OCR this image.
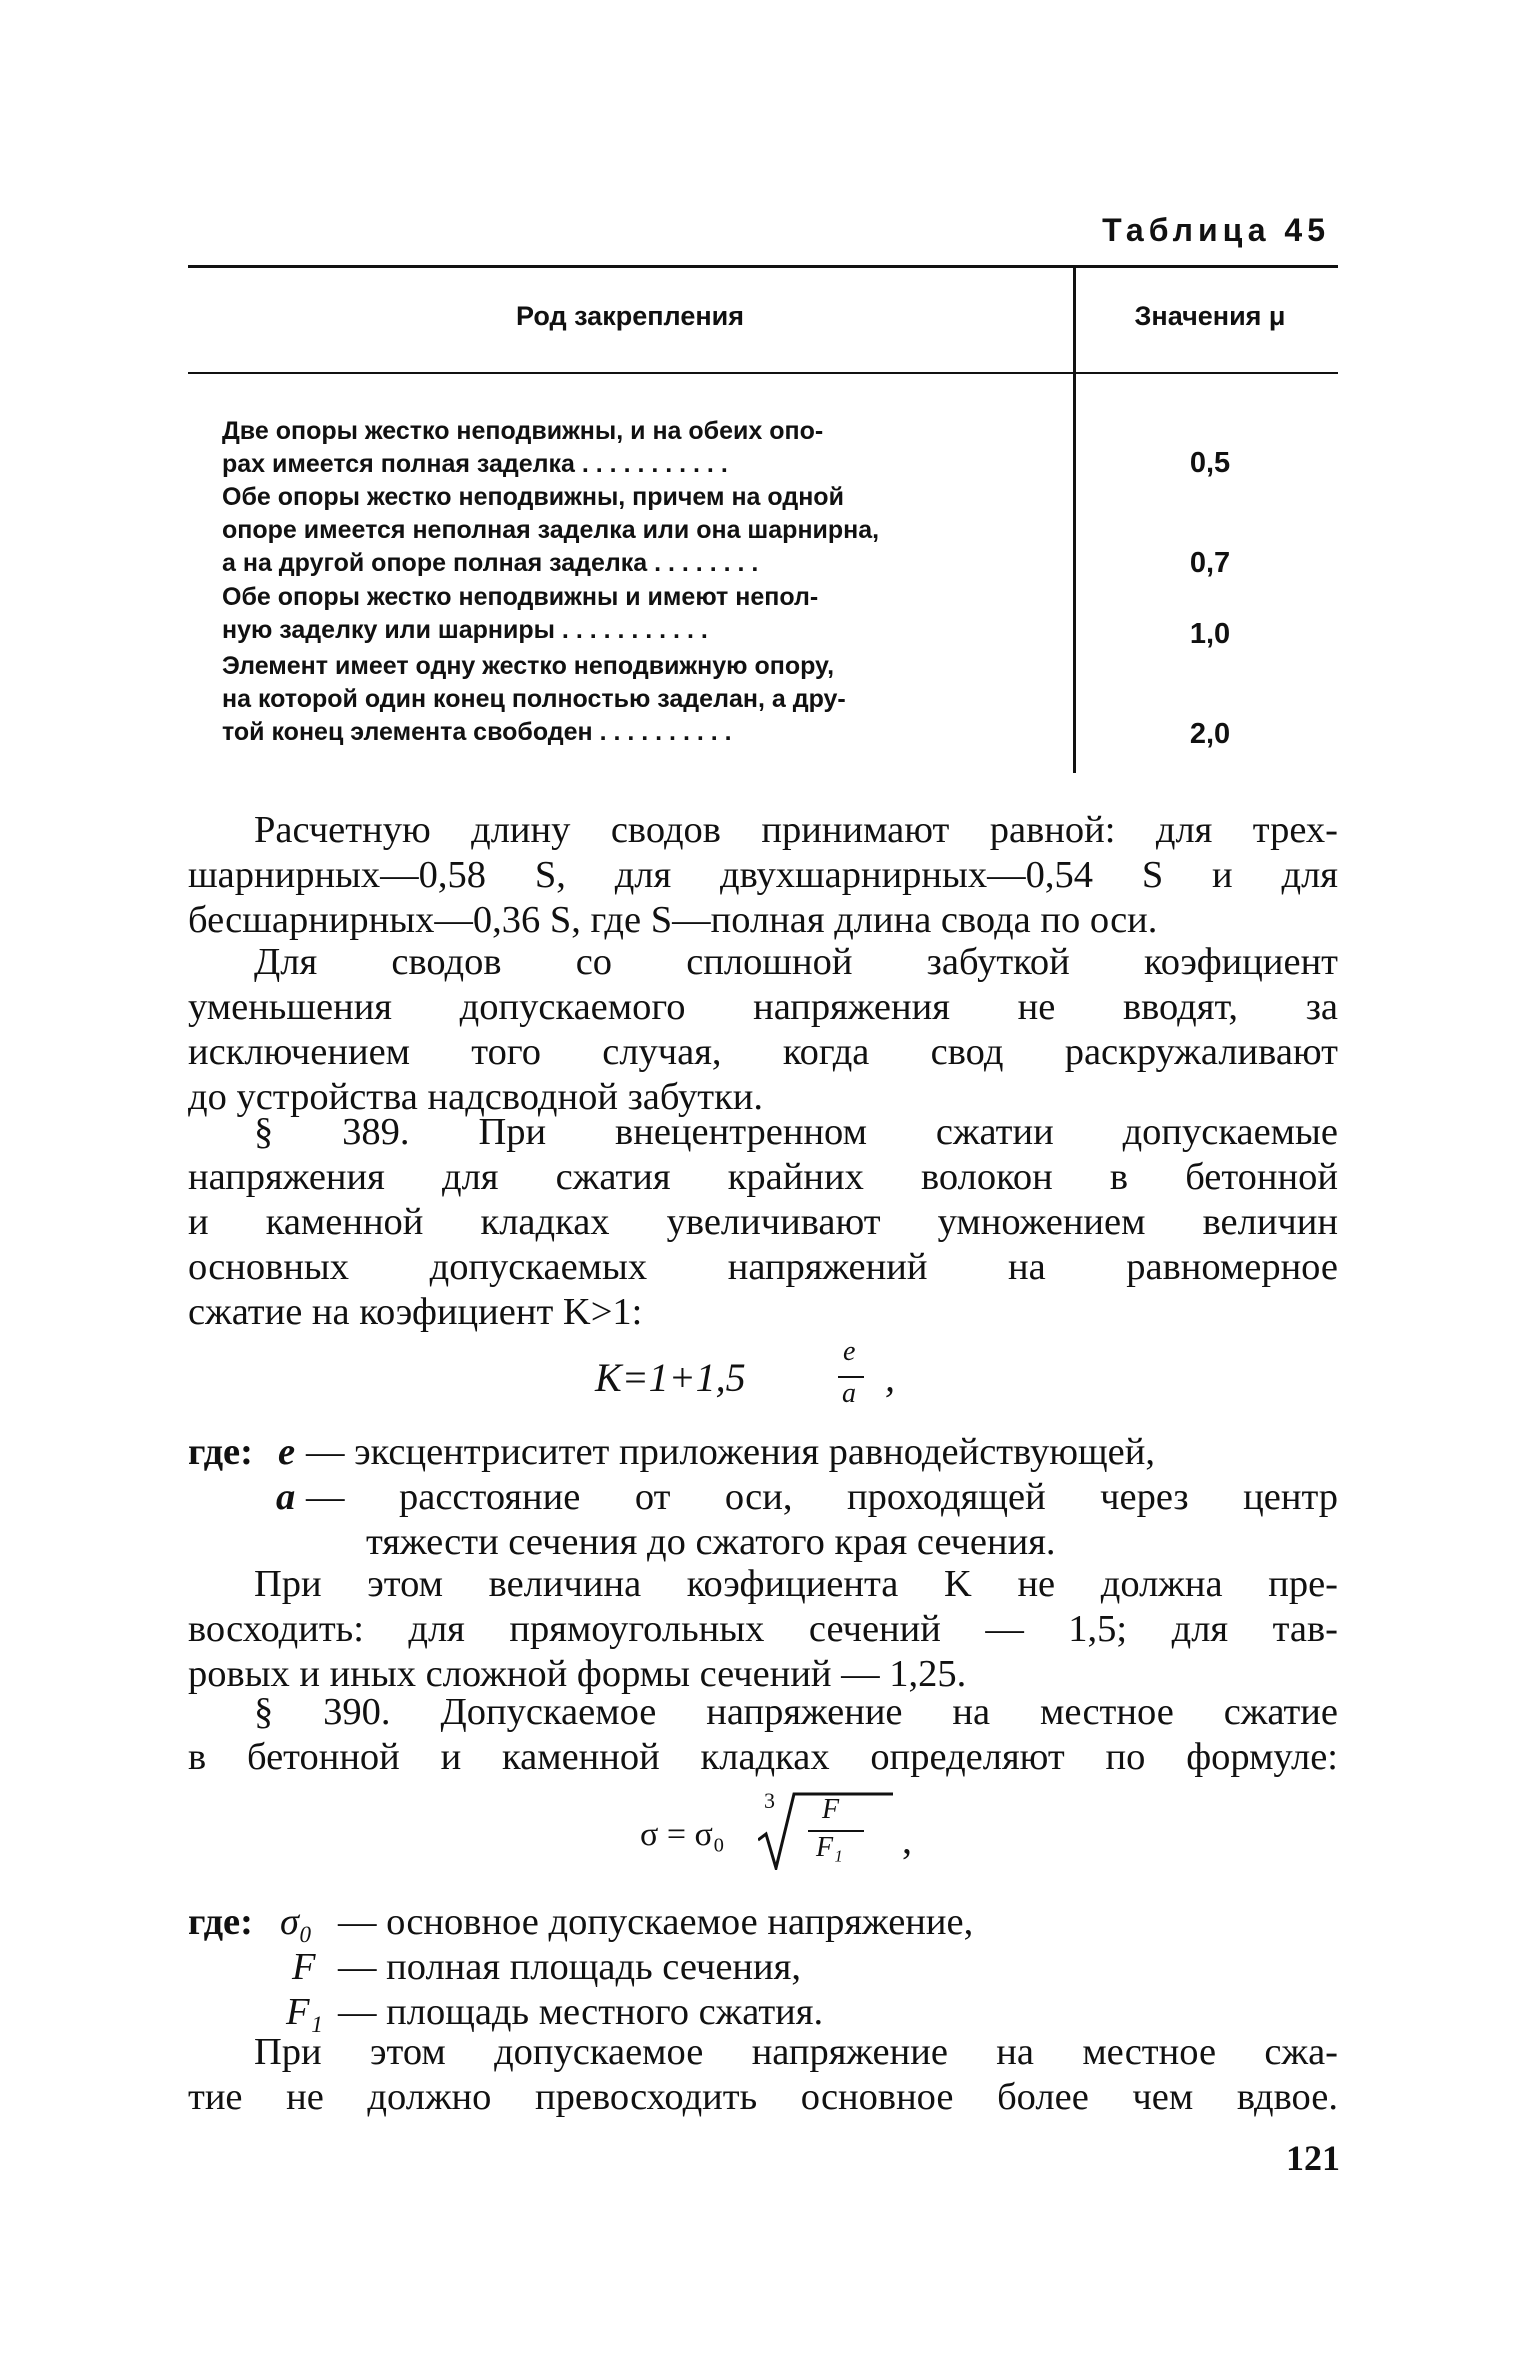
Таблица 45
Род закрепления	Значения μ
Две опоры жестко неподвижны, и на обеих опо-
рах имеется полная заделка . . . . . . . . . . .	0,5
Обе опоры жестко неподвижны, причем на одной
опоре имеется неполная заделка или она шарнирна,
а на другой опоре полная заделка . . . . . . . .	0,7
Обе опоры жестко неподвижны и имеют непол-
ную заделку или шарниры . . . . . . . . . . .	1,0
Элемент имеет одну жестко неподвижную опору,
на которой один конец полностью заделан, а дру-
той конец элемента свободен . . . . . . . . . .	2,0
Расчетную длину сводов принимают равной: для трех-
шарнирных—0,58 S, для двухшарнирных—0,54 S и для
бесшарнирных—0,36 S, где S—полная длина свода по оси.
Для сводов со сплошной забуткой коэфициент
уменьшения допускаемого напряжения не вводят, за
исключением того случая, когда свод раскружаливают
до устройства надсводной забутки.
§ 389. При внецентренном сжатии допускаемые
напряжения для сжатия крайних волокон в бетонной
и каменной кладках увеличивают умножением величин
основных допускаемых напряжений на равномерное
сжатие на коэфициент K>1:
K=1+1,5
e
a ,
где: e — эксцентриситет приложения равнодействующей,
a — расстояние от оси, проходящей через центр
тяжести сечения до сжатого края сечения.
При этом величина коэфициента K не должна пре-
восходить: для прямоугольных сечений — 1,5; для тав-
ровых и иных сложной формы сечений — 1,25.
§ 390. Допускаемое напряжение на местное сжатие
в бетонной и каменной кладках определяют по формуле:
σ = σ₀
3 F
F₁ ,
где: σ₀ — основное допускаемое напряжение,
F — полная площадь сечения,
F₁ — площадь местного сжатия.
При этом допускаемое напряжение на местное сжа-
тие не должно превосходить основное более чем вдвое.
121
